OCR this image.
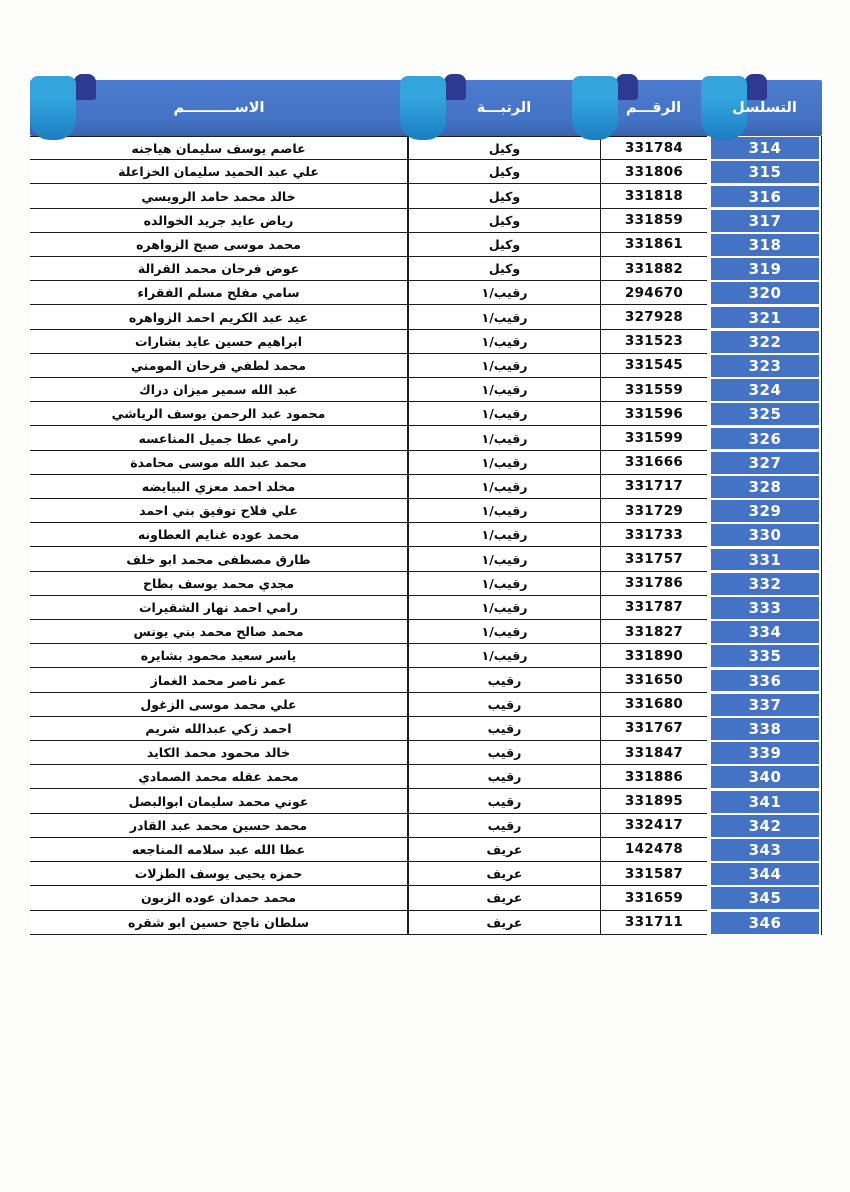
التسلسل
الرقـــم
الرتبـــة
الاســــــــــم
314
331784
وكيل
عاصم يوسف سليمان هياجنه
315
331806
وكيل
علي عبد الحميد سليمان الخزاعلة
316
331818
وكيل
خالد محمد حامد الرويسي
317
331859
وكيل
رياض عايد جريد الخوالده
318
331861
وكيل
محمد موسى صبح الزواهره
319
331882
وكيل
عوض فرحان محمد القرالة
320
294670
رقيب/١
سامي مفلح مسلم الفقراء
321
327928
رقيب/١
عيد عبد الكريم احمد الزواهره
322
331523
رقيب/١
ابراهيم حسين عايد بشارات
323
331545
رقيب/١
محمد لطفي فرحان المومني
324
331559
رقيب/١
عبد الله سمير ميزان دراك
325
331596
رقيب/١
محمود عبد الرحمن يوسف الرياشي
326
331599
رقيب/١
رامي عطا جميل المناعسه
327
331666
رقيب/١
محمد عبد الله موسى محامدة
328
331717
رقيب/١
مخلد احمد معزي البيايضه
329
331729
رقيب/١
علي فلاح توفيق بني احمد
330
331733
رقيب/١
محمد عوده غنايم العطاونه
331
331757
رقيب/١
طارق مصطفى محمد ابو خلف
332
331786
رقيب/١
مجدي محمد يوسف بطاح
333
331787
رقيب/١
رامي احمد نهار الشقيرات
334
331827
رقيب/١
محمد صالح محمد بني يونس
335
331890
رقيب/١
ياسر سعيد محمود بشايره
336
331650
رقيب
عمر ناصر محمد الغماز
337
331680
رقيب
علي محمد موسى الزغول
338
331767
رقيب
احمد زكي عبدالله شريم
339
331847
رقيب
خالد محمود محمد الكايد
340
331886
رقيب
محمد عقله محمد الصمادي
341
331895
رقيب
عوني محمد سليمان ابوالبصل
342
332417
رقيب
محمد حسين محمد عبد القادر
343
142478
عريف
عطا الله عبد سلامه المناجعه
344
331587
عريف
حمزه يحيى يوسف الطزلات
345
331659
عريف
محمد حمدان عوده الزبون
346
331711
عريف
سلطان ناجح حسين ابو شقره
